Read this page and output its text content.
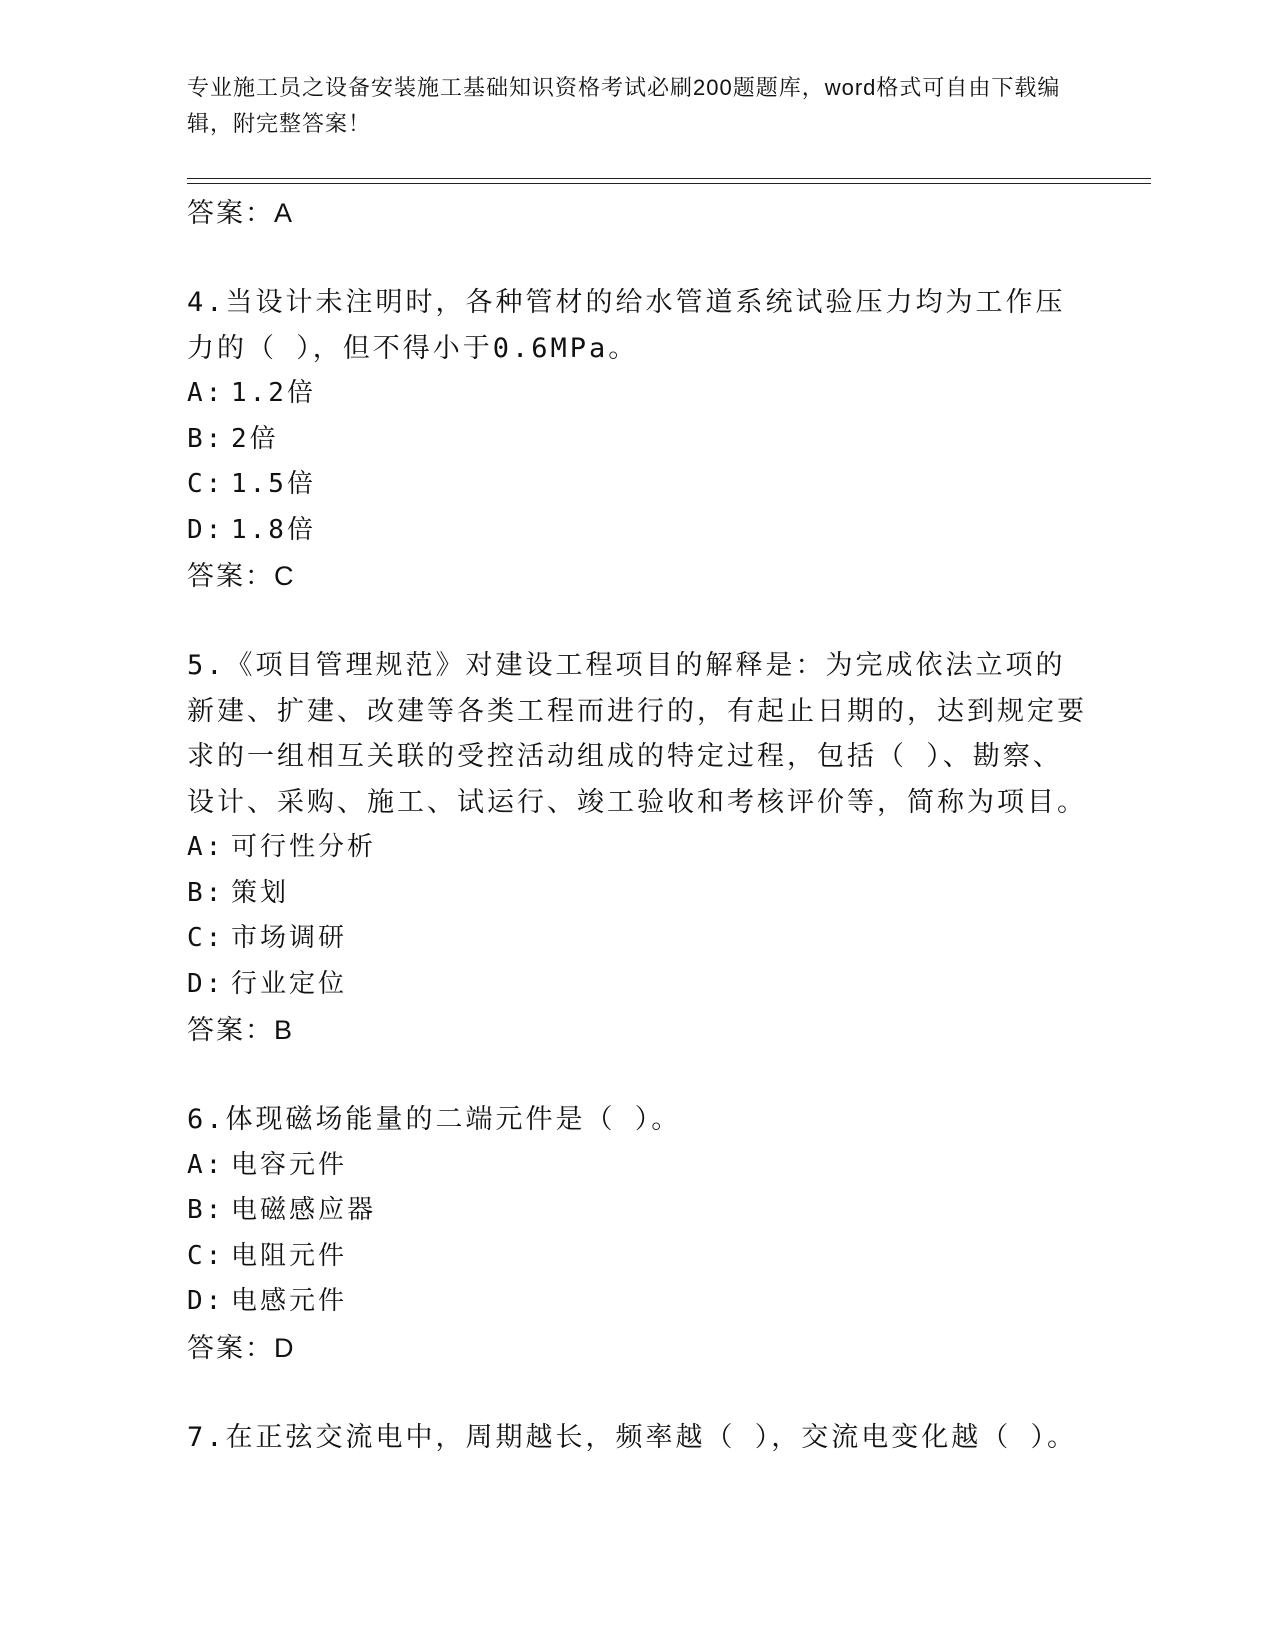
专业施工员之设备安装施工基础知识资格考试必刷200题题库，word格式可自由下载编辑，附完整答案！

答案：A

4.当设计未注明时，各种管材的给水管道系统试验压力均为工作压力的（ ），但不得小于0.6MPa。

A: 1.2倍

B: 2倍

C: 1.5倍

D: 1.8倍

答案：C

5.《项目管理规范》对建设工程项目的解释是：为完成依法立项的新建、扩建、改建等各类工程而进行的，有起止日期的，达到规定要求的一组相互关联的受控活动组成的特定过程，包括（ ）、勘察、设计、采购、施工、试运行、竣工验收和考核评价等，简称为项目。

A: 可行性分析

B: 策划

C: 市场调研

D: 行业定位

答案：B

6.体现磁场能量的二端元件是（ ）。

A: 电容元件

B: 电磁感应器

C: 电阻元件

D: 电感元件

答案：D

7.在正弦交流电中，周期越长，频率越（ ），交流电变化越（ ）。
